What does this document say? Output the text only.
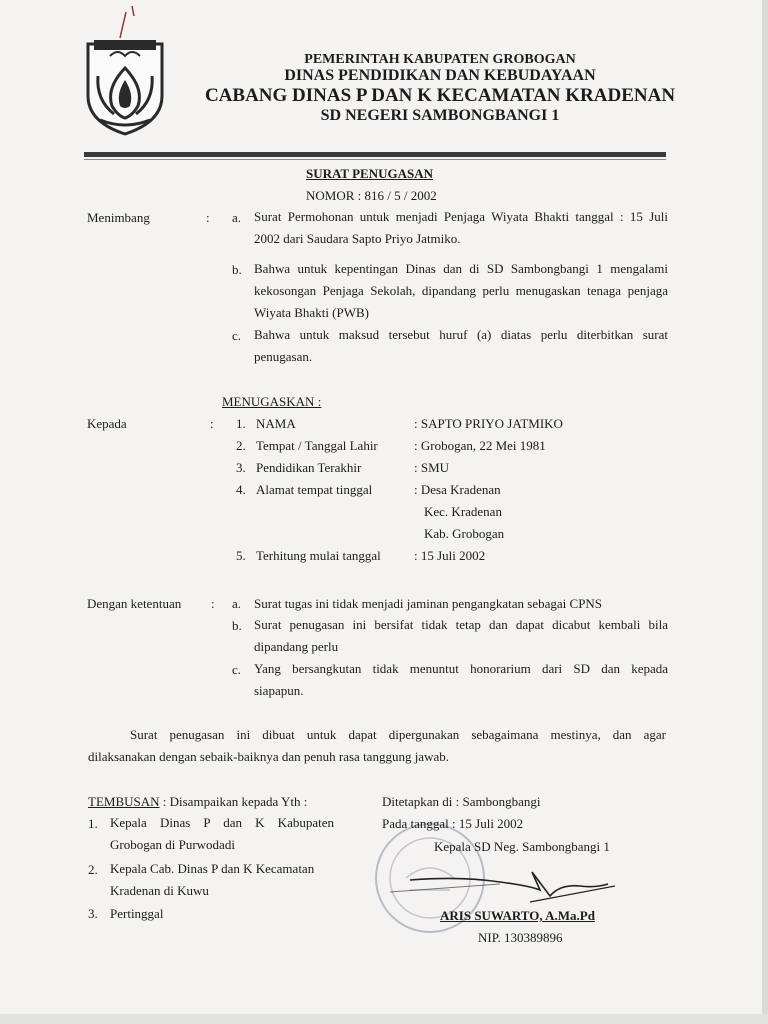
PEMERINTAH KABUPATEN GROBOGAN
DINAS PENDIDIKAN DAN KEBUDAYAAN
CABANG DINAS P DAN K KECAMATAN KRADENAN
SD NEGERI SAMBONGBANGI 1
SURAT PENUGASAN
NOMOR : 816 / 5 / 2002
Menimbang	: a. Surat Permohonan untuk menjadi Penjaga Wiyata Bhakti tanggal : 15 Juli
2002 dari Saudara Sapto Priyo Jatmiko.
b. Bahwa untuk kepentingan Dinas dan di SD Sambongbangi 1 mengalami
kekosongan Penjaga Sekolah, dipandang perlu menugaskan tenaga penjaga
Wiyata Bhakti (PWB)
c. Bahwa untuk maksud tersebut huruf (a) diatas perlu diterbitkan surat
penugasan.
MENUGASKAN :
Kepada	: 1. NAMA	: SAPTO PRIYO JATMIKO
2. Tempat / Tanggal Lahir	: Grobogan, 22 Mei 1981
3. Pendidikan Terakhir	: SMU
4. Alamat tempat tinggal	: Desa Kradenan
Kec. Kradenan
Kab. Grobogan
5. Terhitung mulai tanggal	: 15 Juli 2002
Dengan ketentuan : a. Surat tugas ini tidak menjadi jaminan pengangkatan sebagai CPNS
b. Surat penugasan ini bersifat tidak tetap dan dapat dicabut kembali bila
dipandang perlu
c. Yang bersangkutan tidak menuntut honorarium dari SD dan kepada
siapapun.
Surat penugasan ini dibuat untuk dapat dipergunakan sebagaimana mestinya, dan agar
dilaksanakan dengan sebaik-baiknya dan penuh rasa tanggung jawab.
TEMBUSAN : Disampaikan kepada Yth :
1. Kepala Dinas P dan K Kabupaten
Grobogan di Purwodadi
2. Kepala Cab. Dinas P dan K Kecamatan
Kradenan di Kuwu
3. Pertinggal
Ditetapkan di : Sambongbangi
Pada tanggal : 15 Juli 2002
Kepala SD Neg. Sambongbangi 1
ARIS SUWARTO, A.Ma.Pd
NIP. 130389896
